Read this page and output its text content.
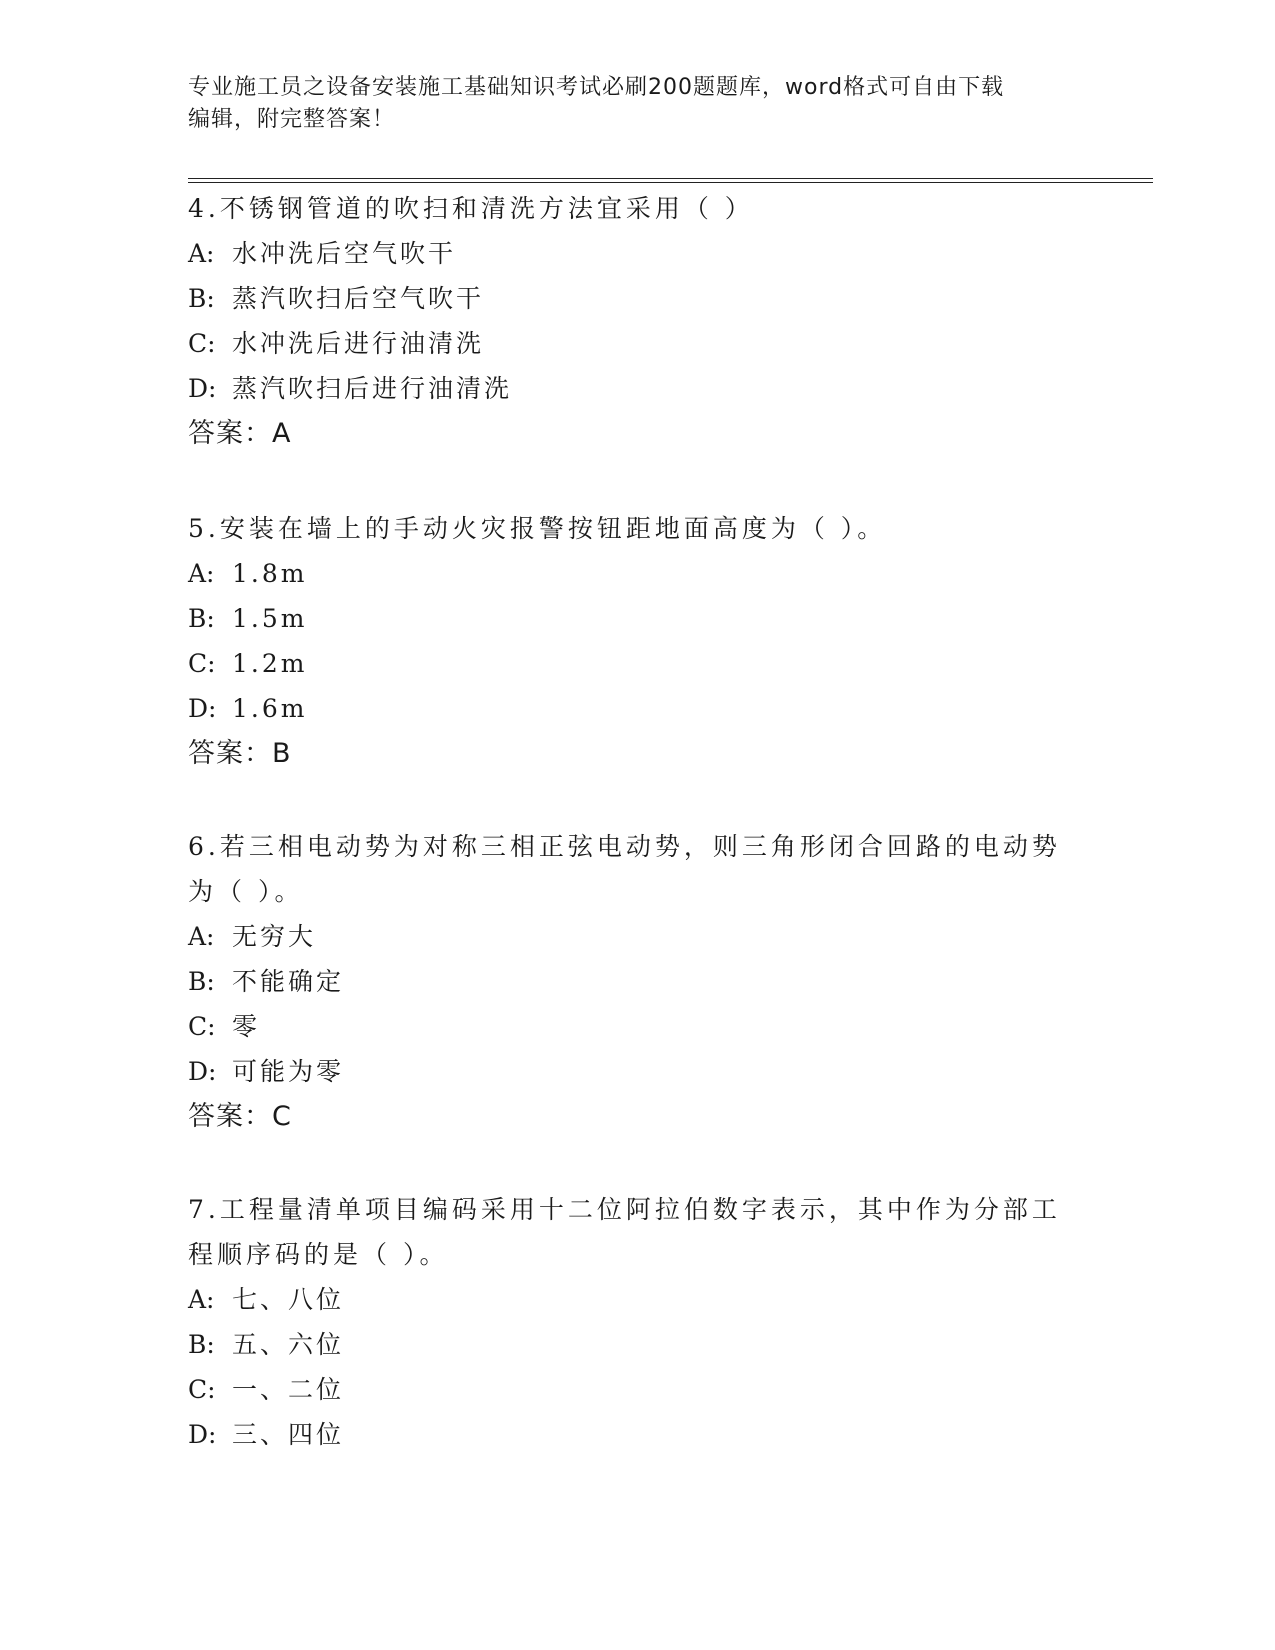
专业施工员之设备安装施工基础知识考试必刷200题题库，word格式可自由下载
编辑，附完整答案！

4.不锈钢管道的吹扫和清洗方法宜采用（ ）

A: 水冲洗后空气吹干

B: 蒸汽吹扫后空气吹干

C: 水冲洗后进行油清洗

D: 蒸汽吹扫后进行油清洗

答案：A

5.安装在墙上的手动火灾报警按钮距地面高度为（ ）。

A: 1.8m

B: 1.5m

C: 1.2m

D: 1.6m

答案：B

6.若三相电动势为对称三相正弦电动势，则三角形闭合回路的电动势

为（ ）。

A: 无穷大

B: 不能确定

C: 零

D: 可能为零

答案：C

7.工程量清单项目编码采用十二位阿拉伯数字表示，其中作为分部工

程顺序码的是（ ）。

A: 七、八位

B: 五、六位

C: 一、二位

D: 三、四位
